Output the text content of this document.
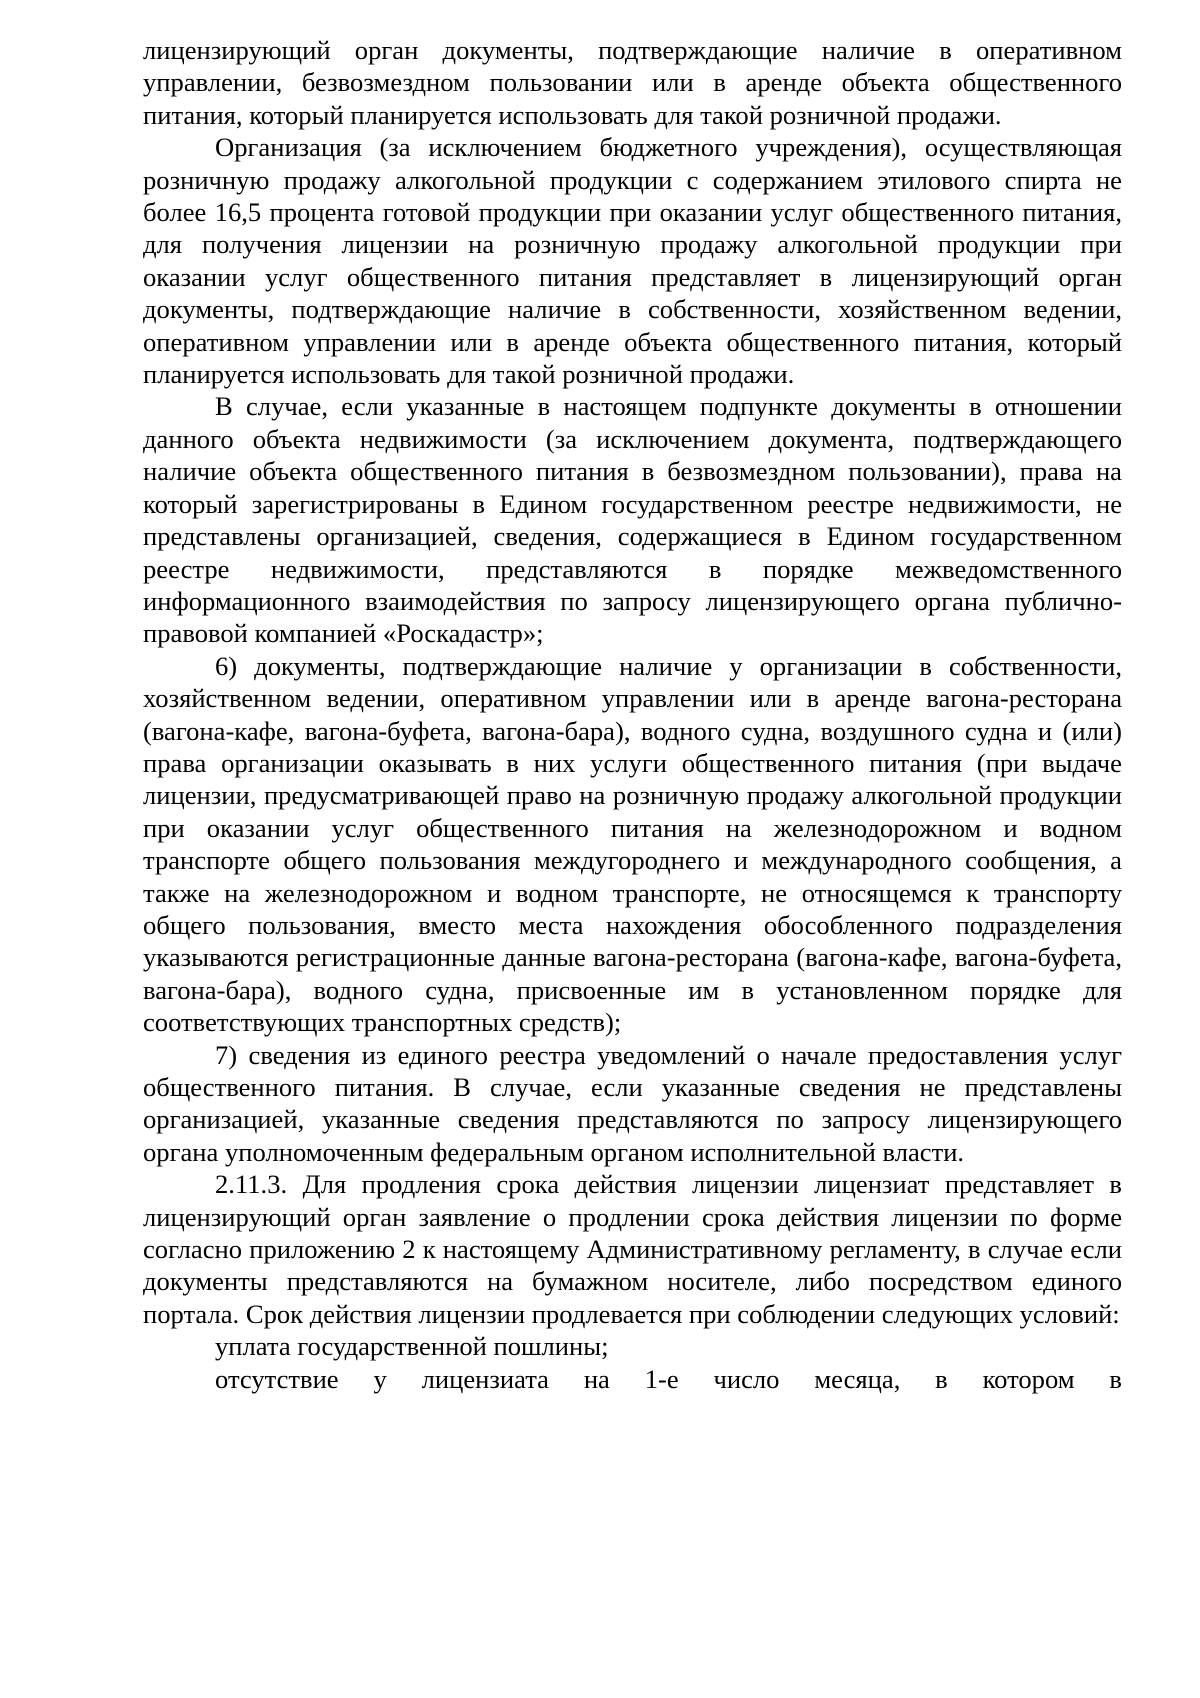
лицензирующий орган документы, подтверждающие наличие в оперативном управлении, безвозмездном пользовании или в аренде объекта общественного питания, который планируется использовать для такой розничной продажи.

Организация (за исключением бюджетного учреждения), осуществляющая розничную продажу алкогольной продукции с содержанием этилового спирта не более 16,5 процента готовой продукции при оказании услуг общественного питания, для получения лицензии на розничную продажу алкогольной продукции при оказании услуг общественного питания представляет в лицензирующий орган документы, подтверждающие наличие в собственности, хозяйственном ведении, оперативном управлении или в аренде объекта общественного питания, который планируется использовать для такой розничной продажи.

В случае, если указанные в настоящем подпункте документы в отношении данного объекта недвижимости (за исключением документа, подтверждающего наличие объекта общественного питания в безвозмездном пользовании), права на который зарегистрированы в Едином государственном реестре недвижимости, не представлены организацией, сведения, содержащиеся в Едином государственном реестре недвижимости, представляются в порядке межведомственного информационного взаимодействия по запросу лицензирующего органа публично-правовой компанией «Роскадастр»;

6) документы, подтверждающие наличие у организации в собственности, хозяйственном ведении, оперативном управлении или в аренде вагона-ресторана (вагона-кафе, вагона-буфета, вагона-бара), водного судна, воздушного судна и (или) права организации оказывать в них услуги общественного питания (при выдаче лицензии, предусматривающей право на розничную продажу алкогольной продукции при оказании услуг общественного питания на железнодорожном и водном транспорте общего пользования междугороднего и международного сообщения, а также на железнодорожном и водном транспорте, не относящемся к транспорту общего пользования, вместо места нахождения обособленного подразделения указываются регистрационные данные вагона-ресторана (вагона-кафе, вагона-буфета, вагона-бара), водного судна, присвоенные им в установленном порядке для соответствующих транспортных средств);

7) сведения из единого реестра уведомлений о начале предоставления услуг общественного питания. В случае, если указанные сведения не представлены организацией, указанные сведения представляются по запросу лицензирующего органа уполномоченным федеральным органом исполнительной власти.

2.11.3. Для продления срока действия лицензии лицензиат представляет в лицензирующий орган заявление о продлении срока действия лицензии по форме согласно приложению 2 к настоящему Административному регламенту, в случае если документы представляются на бумажном носителе, либо посредством единого портала. Срок действия лицензии продлевается при соблюдении следующих условий:

уплата государственной пошлины;

отсутствие у лицензиата на 1-е число месяца, в котором в
